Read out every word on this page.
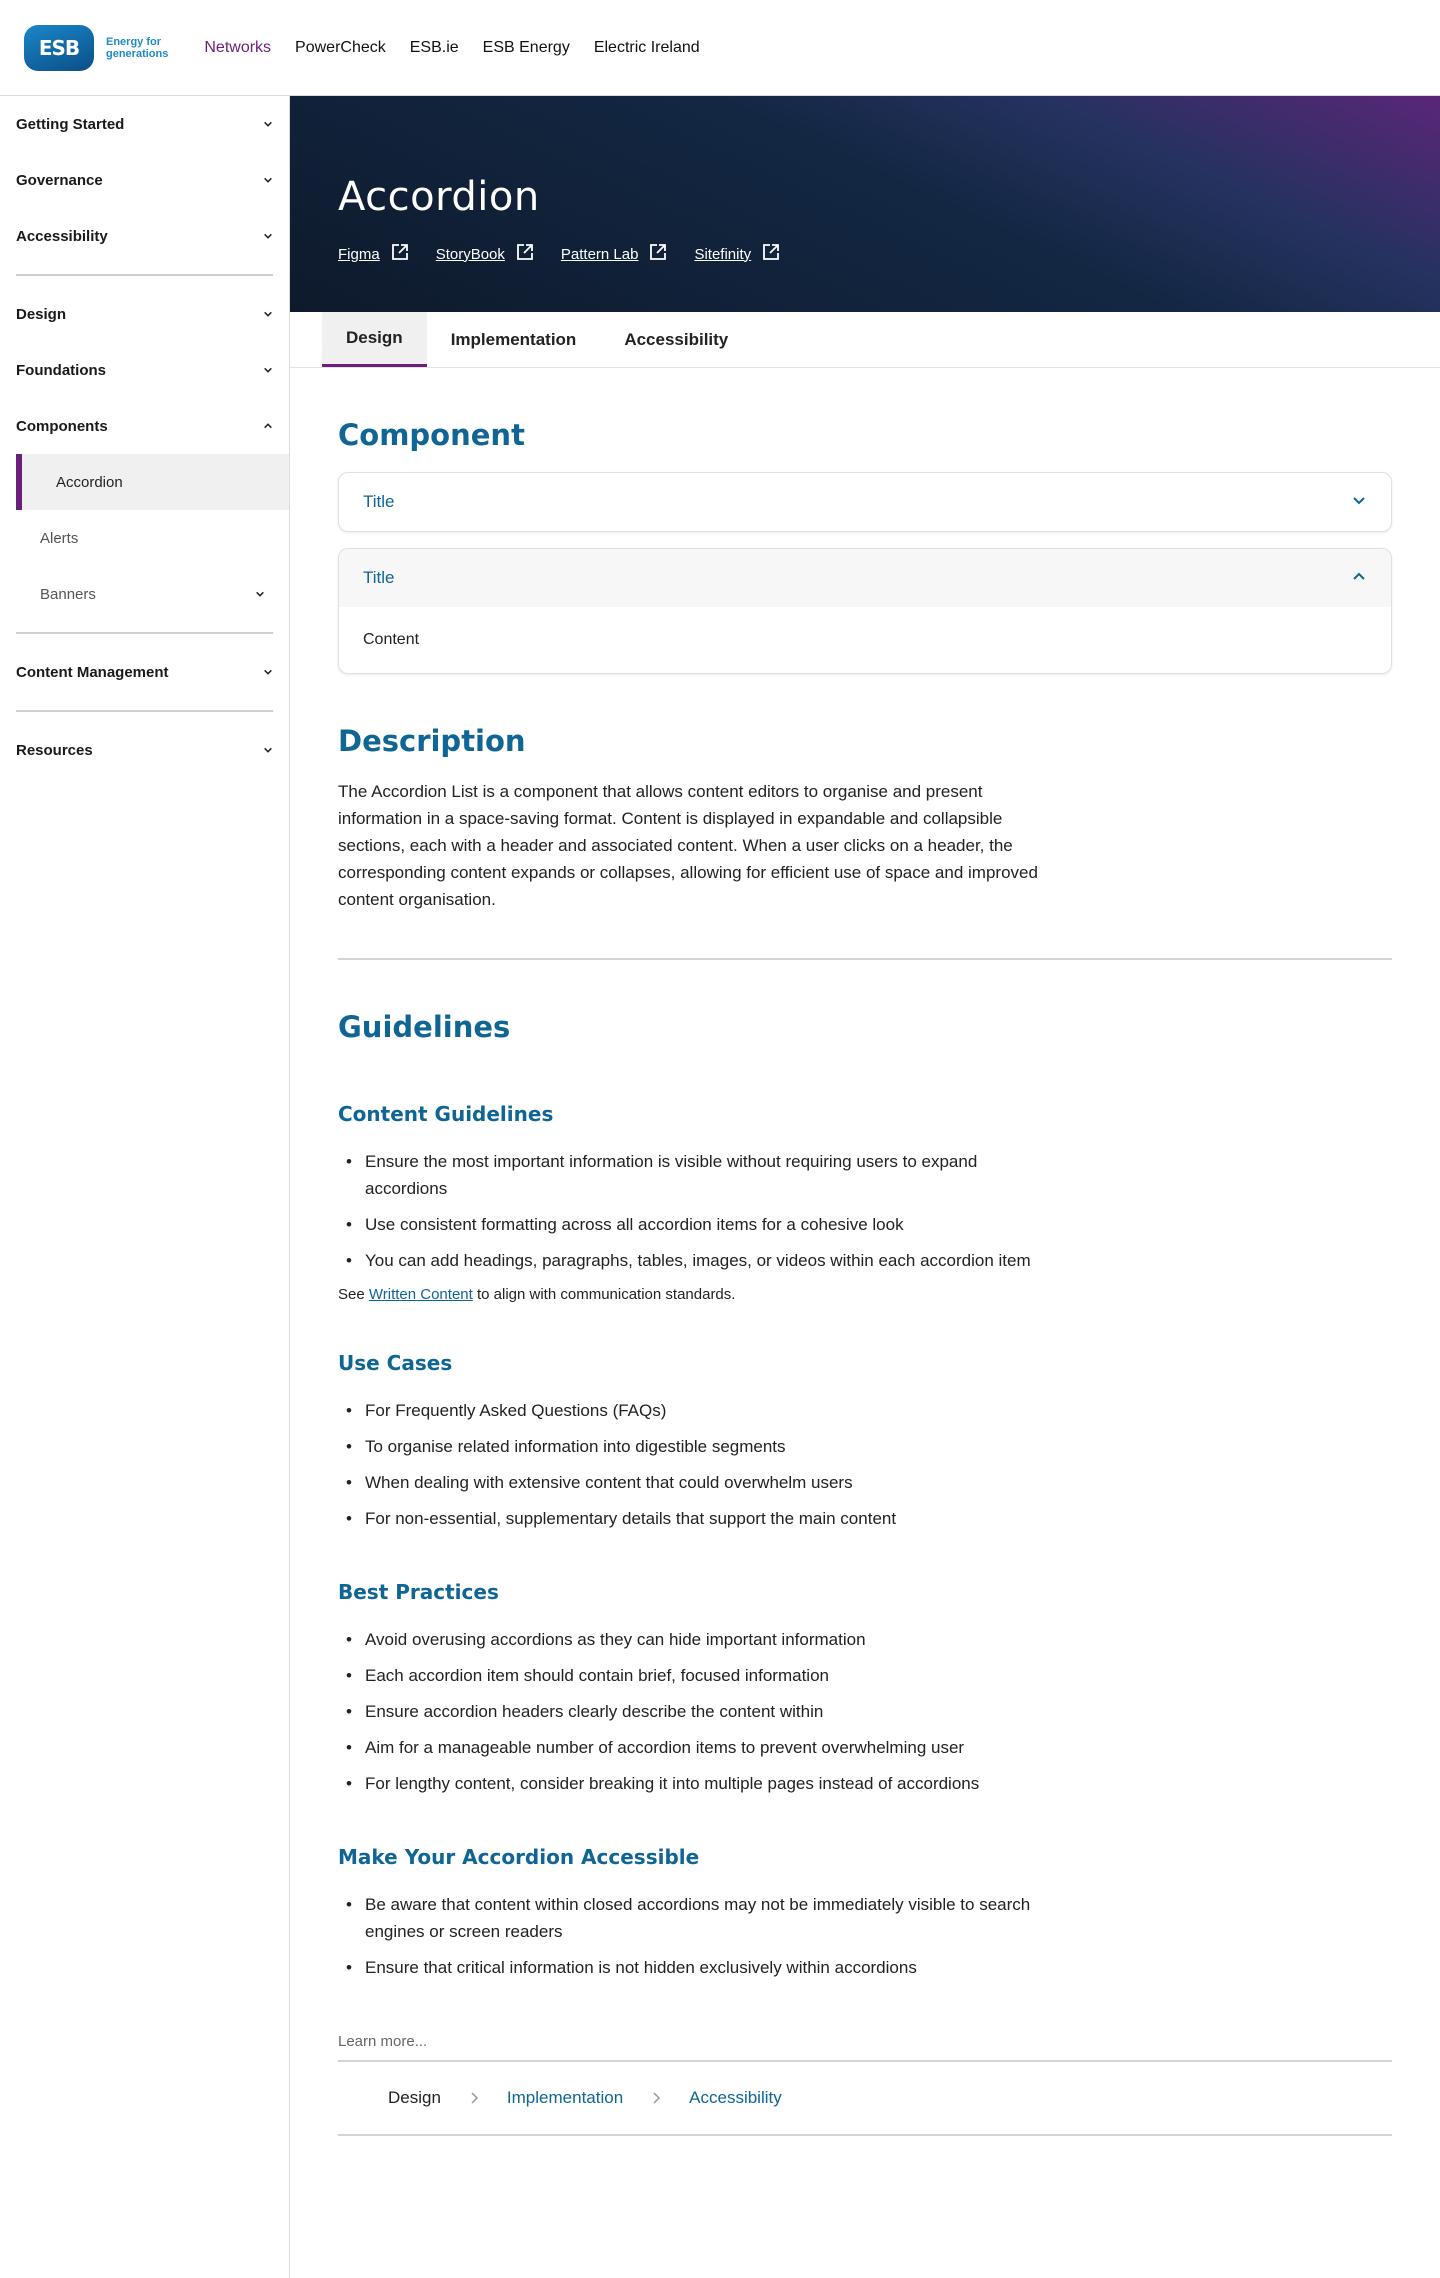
ESB	Energy for
generations Networks PowerCheck ESB.ie ESB Energy Electric Ireland
Getting Started
Governance
Accessibility
Design
Foundations
Components
Accordion
Alerts
Banners
Content Management
Resources
Accordion
Figma	StoryBook	Pattern Lab	Sitefinity
Design	Implementation	Accessibility
Component
Title
Title
Content
Description

The Accordion List is a component that allows content editors to organise and present information in a space-saving format. Content is displayed in expandable and collapsible sections, each with a header and associated content. When a user clicks on a header, the corresponding content expands or collapses, allowing for efficient use of space and improved content organisation.

Guidelines
Content Guidelines
• Ensure the most important information is visible without requiring users to expand accordions
• Use consistent formatting across all accordion items for a cohesive look
• You can add headings, paragraphs, tables, images, or videos within each accordion item

See Written Content to align with communication standards.

Use Cases
• For Frequently Asked Questions (FAQs)
• To organise related information into digestible segments
• When dealing with extensive content that could overwhelm users
• For non-essential, supplementary details that support the main content
Best Practices
• Avoid overusing accordions as they can hide important information
• Each accordion item should contain brief, focused information
• Ensure accordion headers clearly describe the content within
• Aim for a manageable number of accordion items to prevent overwhelming user
• For lengthy content, consider breaking it into multiple pages instead of accordions
Make Your Accordion Accessible
• Be aware that content within closed accordions may not be immediately visible to search engines or screen readers
• Ensure that critical information is not hidden exclusively within accordions

Learn more...

Design	Implementation	Accessibility
